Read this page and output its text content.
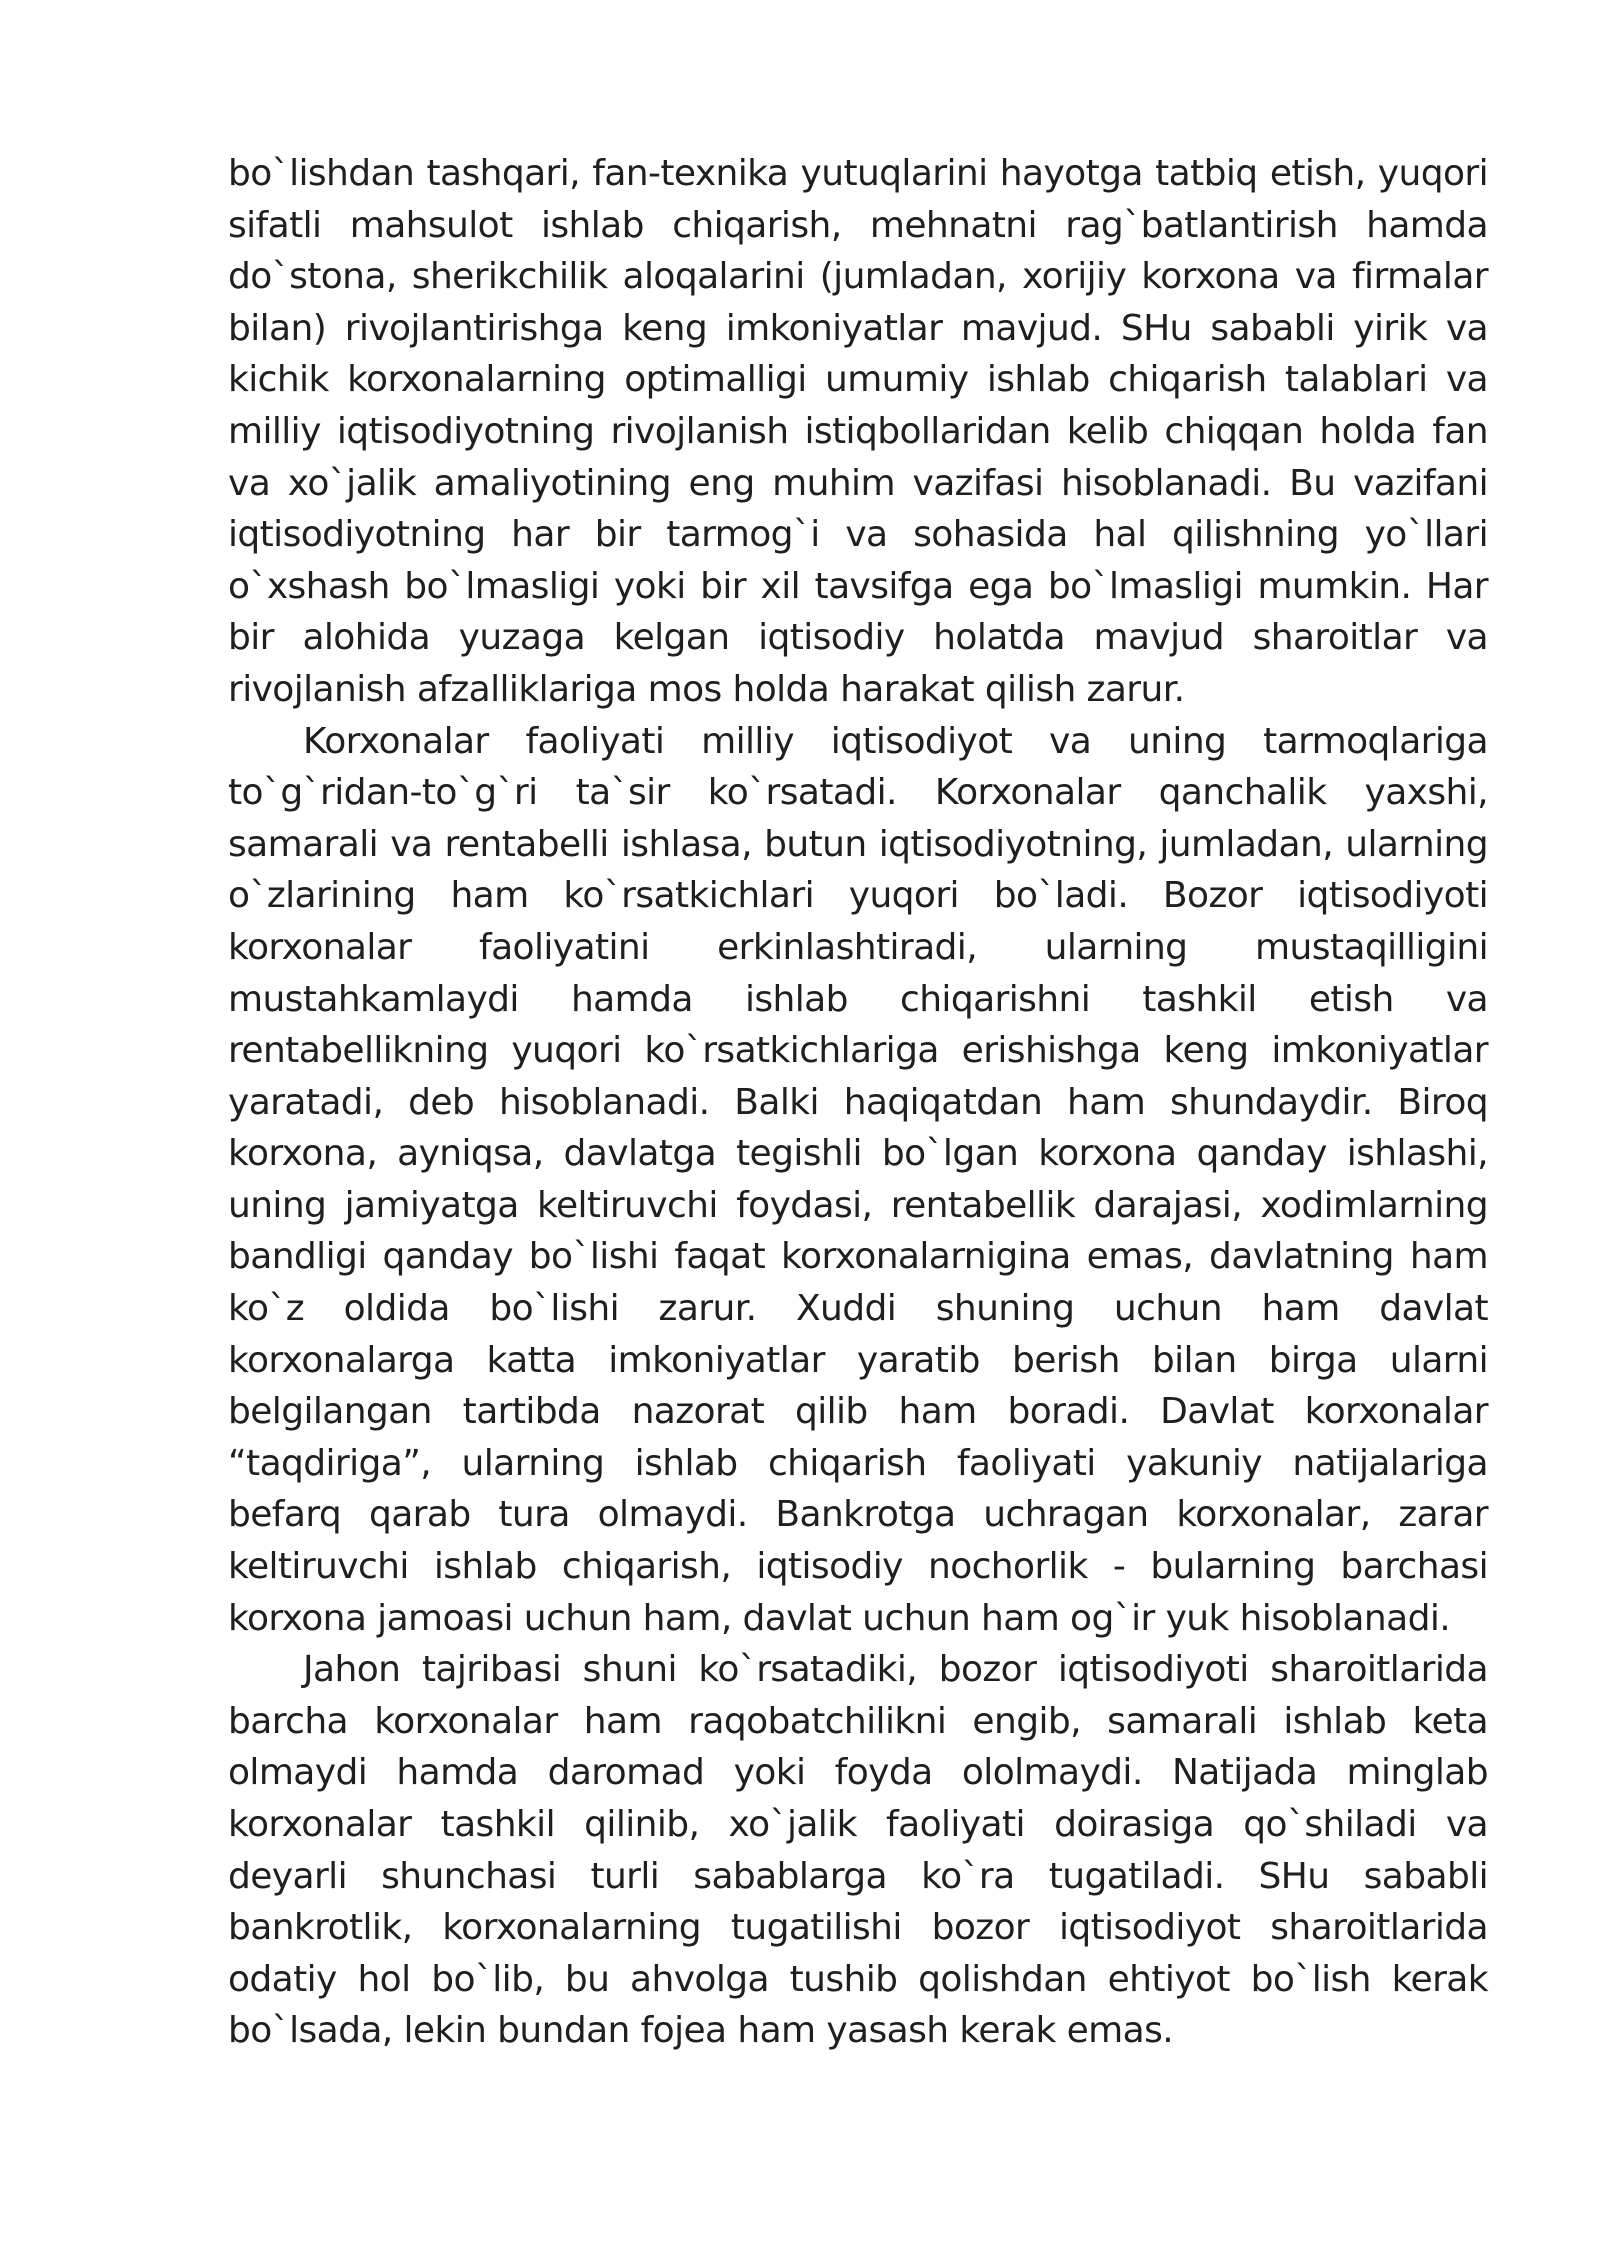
bo`lishdan tashqari, fan-texnika yutuqlarini hayotga tatbiq etish, yuqori sifatli mahsulot ishlab chiqarish, mehnatni rag`batlantirish hamda do`stona, sherikchilik aloqalarini (jumladan, xorijiy korxona va firmalar bilan) rivojlantirishga keng imkoniyatlar mavjud. SHu sababli yirik va kichik korxonalarning optimalligi umumiy ishlab chiqarish talablari va milliy iqtisodiyotning rivojlanish istiqbollaridan kelib chiqqan holda fan va xo`jalik amaliyotining eng muhim vazifasi hisoblanadi. Bu vazifani iqtisodiyotning har bir tarmog`i va sohasida hal qilishning yo`llari o`xshash bo`lmasligi yoki bir xil tavsifga ega bo`lmasligi mumkin. Har bir alohida yuzaga kelgan iqtisodiy holatda mavjud sharoitlar va rivojlanish afzalliklariga mos holda harakat qilish zarur.

Korxonalar faoliyati milliy iqtisodiyot va uning tarmoqlariga to`g`ridan-to`g`ri ta`sir ko`rsatadi. Korxonalar qanchalik yaxshi, samarali va rentabelli ishlasa, butun iqtisodiyotning, jumladan, ularning o`zlarining ham ko`rsatkichlari yuqori bo`ladi. Bozor iqtisodiyoti korxonalar faoliyatini erkinlashtiradi, ularning mustaqilligini mustahkamlaydi hamda ishlab chiqarishni tashkil etish va rentabellikning yuqori ko`rsatkichlariga erishishga keng imkoniyatlar yaratadi, deb hisoblanadi. Balki haqiqatdan ham shundaydir. Biroq korxona, ayniqsa, davlatga tegishli bo`lgan korxona qanday ishlashi, uning jamiyatga keltiruvchi foydasi, rentabellik darajasi, xodimlarning bandligi qanday bo`lishi faqat korxonalarnigina emas, davlatning ham ko`z oldida bo`lishi zarur. Xuddi shuning uchun ham davlat korxonalarga katta imkoniyatlar yaratib berish bilan birga ularni belgilangan tartibda nazorat qilib ham boradi. Davlat korxonalar “taqdiriga”, ularning ishlab chiqarish faoliyati yakuniy natijalariga befarq qarab tura olmaydi. Bankrotga uchragan korxonalar, zarar keltiruvchi ishlab chiqarish, iqtisodiy nochorlik - bularning barchasi korxona jamoasi uchun ham, davlat uchun ham og`ir yuk hisoblanadi.

Jahon tajribasi shuni ko`rsatadiki, bozor iqtisodiyoti sharoitlarida barcha korxonalar ham raqobatchilikni engib, samarali ishlab keta olmaydi hamda daromad yoki foyda ololmaydi. Natijada minglab korxonalar tashkil qilinib, xo`jalik faoliyati doirasiga qo`shiladi va deyarli shunchasi turli sabablarga ko`ra tugatiladi. SHu sababli bankrotlik, korxonalarning tugatilishi bozor iqtisodiyot sharoitlarida odatiy hol bo`lib, bu ahvolga tushib qolishdan ehtiyot bo`lish kerak bo`lsada, lekin bundan fojea ham yasash kerak emas.
